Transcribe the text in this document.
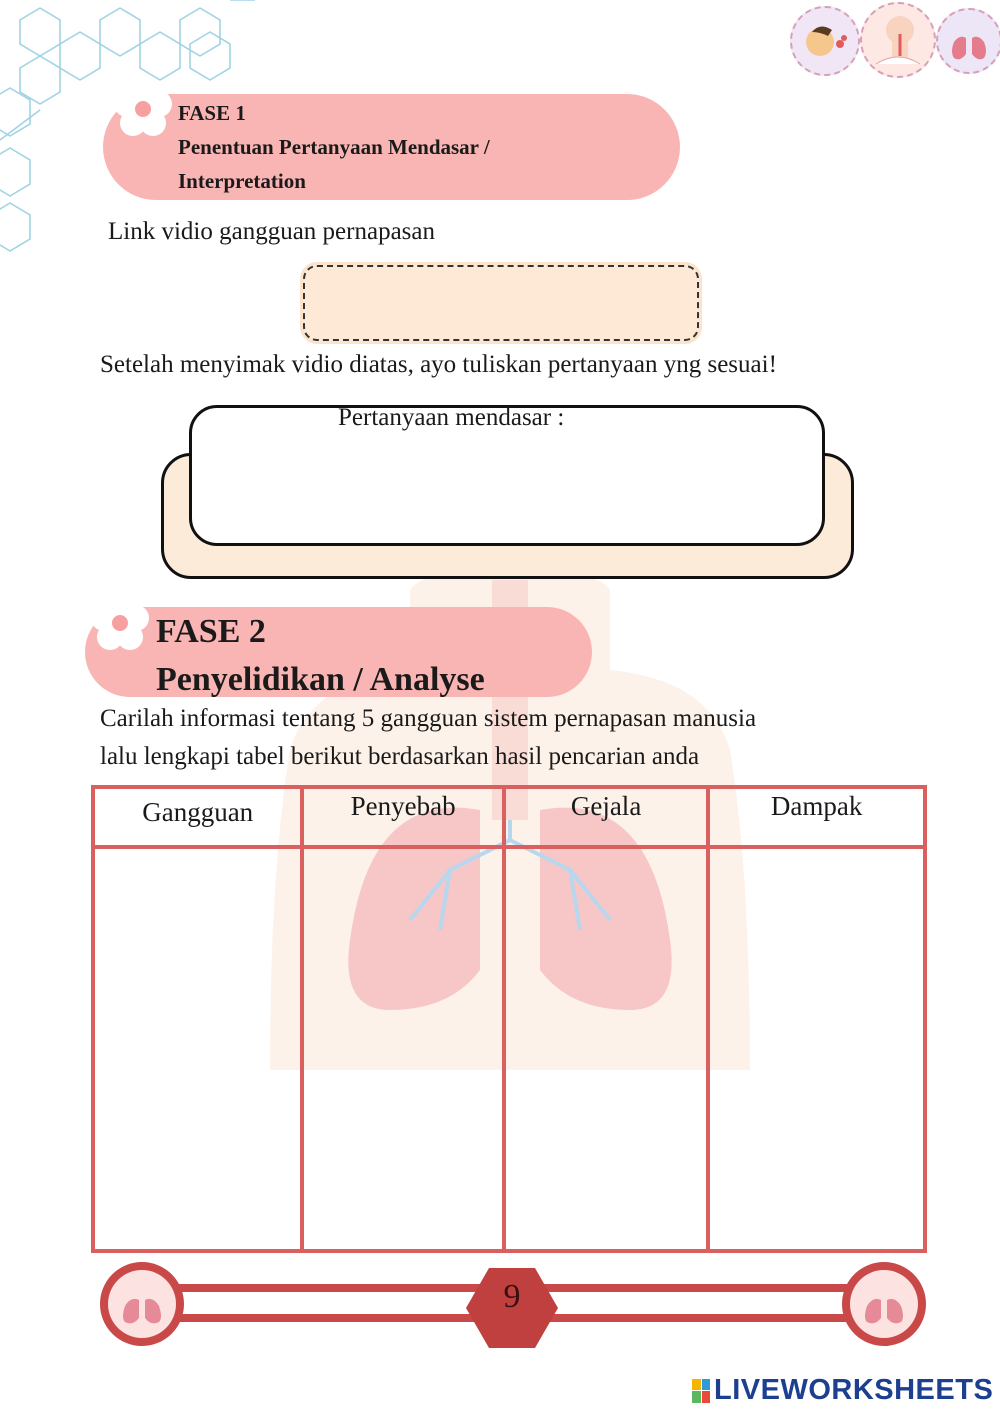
FASE 1
Penentuan Pertanyaan Mendasar /
Interpretation
Link vidio gangguan pernapasan
Setelah menyimak vidio diatas, ayo tuliskan pertanyaan yng sesuai!
Pertanyaan mendasar :
FASE 2
Penyelidikan / Analyse
Carilah informasi tentang 5 gangguan sistem pernapasan manusia
lalu lengkapi tabel berikut berdasarkan hasil pencarian anda
Gangguan	Penyebab	Gejala	Dampak

9
LIVEWORKSHEETS
